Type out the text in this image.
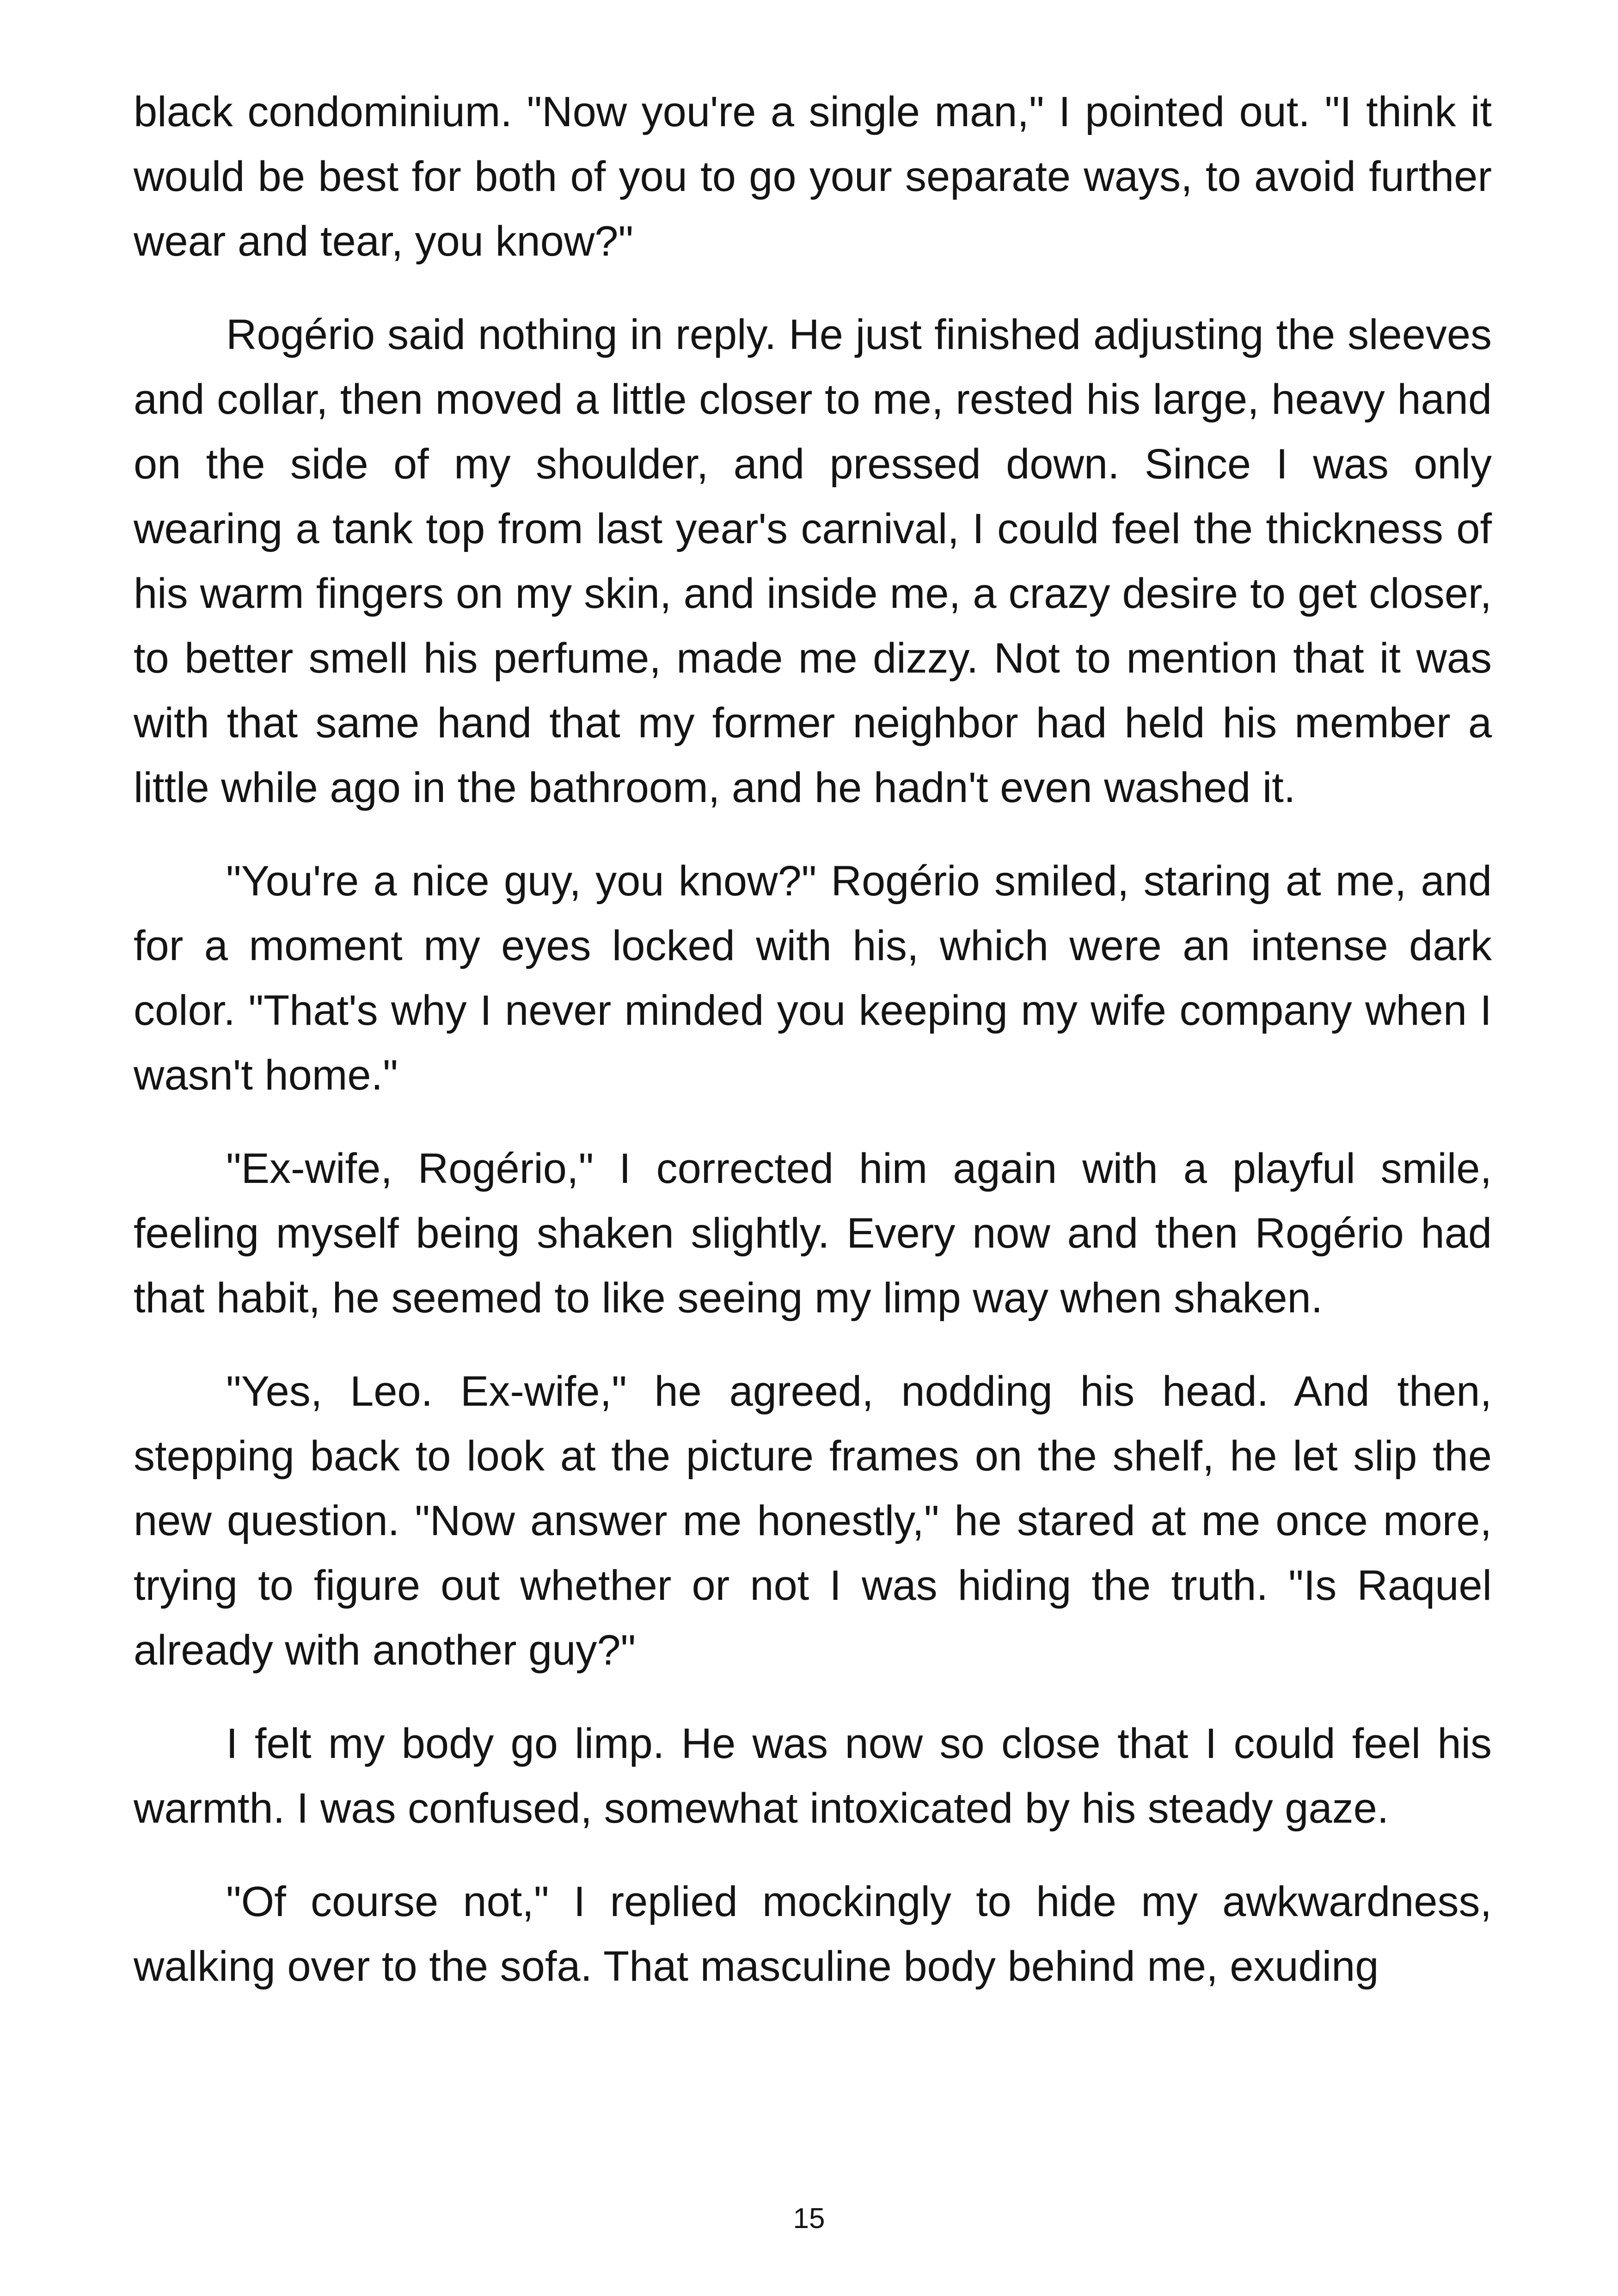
black condominium. "Now you're a single man," I pointed out. "I think it would be best for both of you to go your separate ways, to avoid further wear and tear, you know?"

Rogério said nothing in reply. He just finished adjusting the sleeves and collar, then moved a little closer to me, rested his large, heavy hand on the side of my shoulder, and pressed down. Since I was only wearing a tank top from last year's carnival, I could feel the thickness of his warm fingers on my skin, and inside me, a crazy desire to get closer, to better smell his perfume, made me dizzy. Not to mention that it was with that same hand that my former neighbor had held his member a little while ago in the bathroom, and he hadn't even washed it.

"You're a nice guy, you know?" Rogério smiled, staring at me, and for a moment my eyes locked with his, which were an intense dark color. "That's why I never minded you keeping my wife company when I wasn't home."

"Ex-wife, Rogério," I corrected him again with a playful smile, feeling myself being shaken slightly. Every now and then Rogério had that habit, he seemed to like seeing my limp way when shaken.

"Yes, Leo. Ex-wife," he agreed, nodding his head. And then, stepping back to look at the picture frames on the shelf, he let slip the new question. "Now answer me honestly," he stared at me once more, trying to figure out whether or not I was hiding the truth. "Is Raquel already with another guy?"

I felt my body go limp. He was now so close that I could feel his warmth. I was confused, somewhat intoxicated by his steady gaze.

"Of course not," I replied mockingly to hide my awkwardness, walking over to the sofa. That masculine body behind me, exuding

15
